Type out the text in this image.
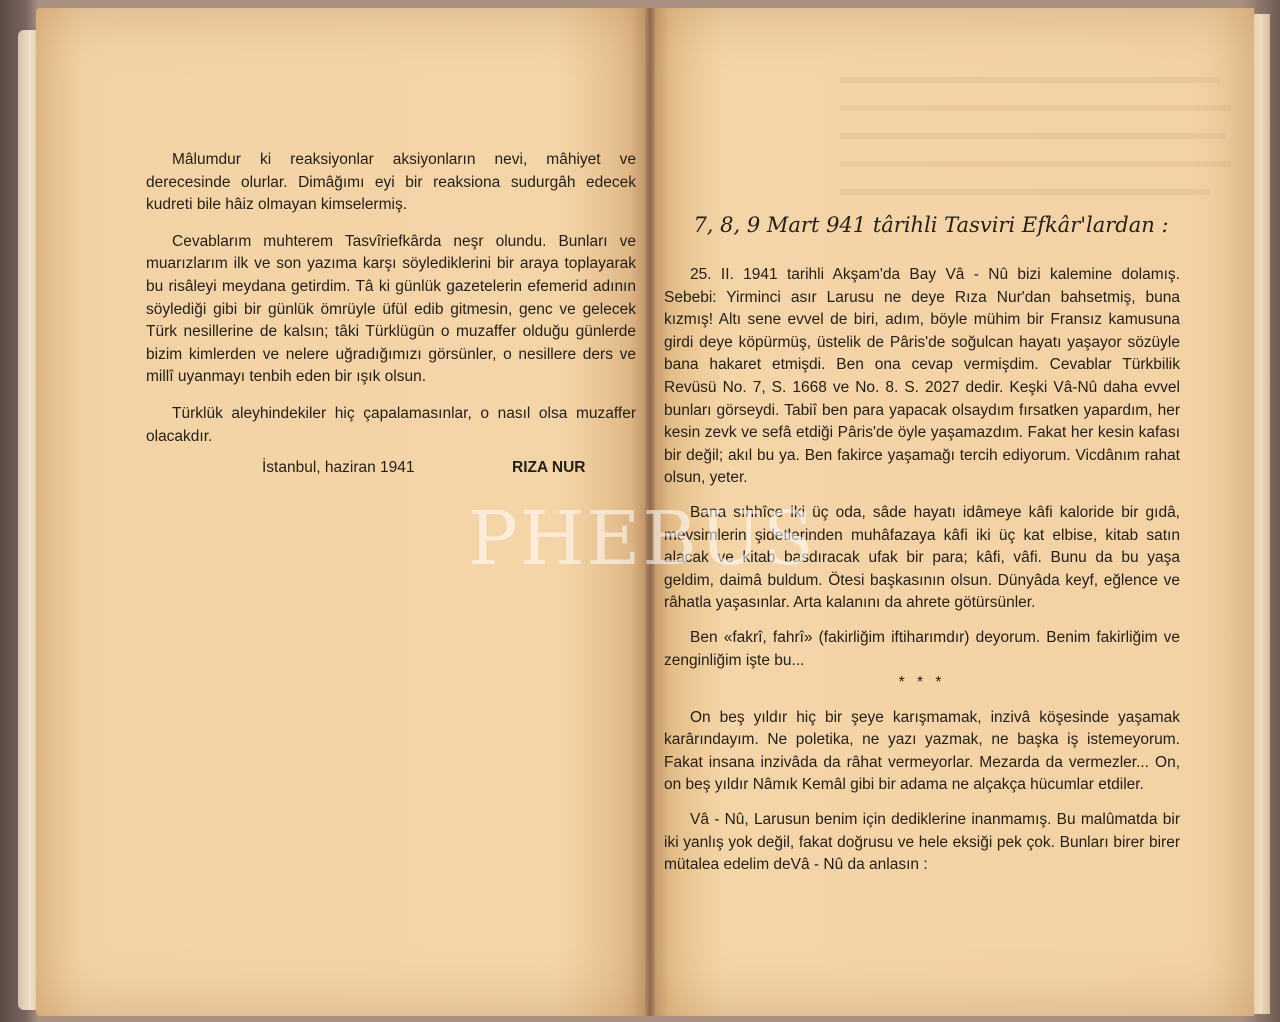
Mâlumdur ki reaksiyonlar aksiyonların nevi, mâhiyet ve derecesinde olurlar. Dimâğımı eyi bir reaksiona sudurgâh edecek kudreti bile hâiz olmayan kimselermiş.

Cevablarım muhterem Tasvîriefkârda neşr olundu. Bunları ve muarızlarım ilk ve son yazıma karşı söylediklerini bir araya toplayarak bu risâleyi meydana getirdim. Tâ ki günlük gazetelerin efemerid adının söylediği gibi bir günlük ömrüyle üfül edib gitmesin, genc ve gelecek Türk nesillerine de kalsın; tâki Türklügün o muzaffer olduğu günlerde bizim kimlerden ve nelere uğradığımızı görsünler, o nesillere ders ve millî uyanmayı tenbih eden bir ışık olsun.

Türklük aleyhindekiler hiç çapalamasınlar, o nasıl olsa muzaffer olacakdır.

İstanbul, haziran 1941	RIZA NUR
7, 8, 9 Mart 941 târihli Tasviri Efkâr'lardan :

25. II. 1941 tarihli Akşam'da Bay Vâ - Nû bizi kalemine dolamış. Sebebi: Yirminci asır Larusu ne deye Rıza Nur'dan bahsetmiş, buna kızmış! Altı sene evvel de biri, adım, böyle mühim bir Fransız kamusuna girdi deye köpürmüş, üstelik de Pâris'de soğulcan hayatı yaşayor sözüyle bana hakaret etmişdi. Ben ona cevap vermişdim. Cevablar Türkbilik Revüsü No. 7, S. 1668 ve No. 8. S. 2027 dedir. Keşki Vâ-Nû daha evvel bunları görseydi. Tabiî ben para yapacak olsaydım fırsatken yapardım, her kesin zevk ve sefâ etdiği Pâris'de öyle yaşamazdım. Fakat her kesin kafası bir değil; akıl bu ya. Ben fakirce yaşamağı tercih ediyorum. Vicdânım rahat olsun, yeter.

Bana sıhhîce iki üç oda, sâde hayatı idâmeye kâfi kaloride bir gıdâ, mevsimlerin şidetlerinden muhâfazaya kâfi iki üç kat elbise, kitab satın alacak ve kitab basdıracak ufak bir para; kâfi, vâfi. Bunu da bu yaşa geldim, daimâ buldum. Ötesi başkasının olsun. Dünyâda keyf, eğlence ve râhatla yaşasınlar. Arta kalanını da ahrete götürsünler.

Ben «fakrî, fahrî» (fakirliğim iftiharımdır) deyorum. Benim fakirliğim ve zenginliğim işte bu...

* * *

On beş yıldır hiç bir şeye karışmamak, inzivâ köşesinde yaşamak karârındayım. Ne poletika, ne yazı yazmak, ne başka iş istemeyorum. Fakat insana inzivâda da râhat vermeyorlar. Mezarda da vermezler... On, on beş yıldır Nâmık Kemâl gibi bir adama ne alçakça hücumlar etdiler.

Vâ - Nû, Larusun benim için dediklerine inanmamış. Bu malûmatda bir iki yanlış yok değil, fakat doğrusu ve hele eksiği pek çok. Bunları birer birer mütalea edelim deVâ - Nû da anlasın :

PHEBUS
